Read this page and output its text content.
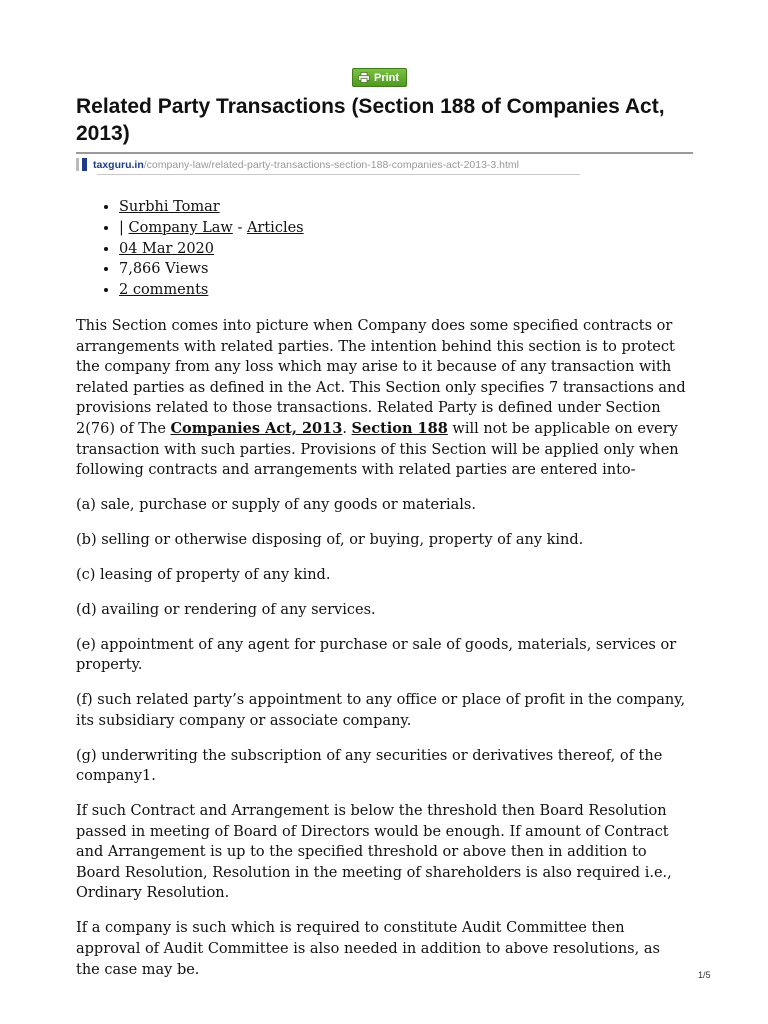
Print
Related Party Transactions (Section 188 of Companies Act, 2013)
taxguru.in/company-law/related-party-transactions-section-188-companies-act-2013-3.html
• Surbhi Tomar
• | Company Law - Articles
• 04 Mar 2020
• 7,866 Views
• 2 comments

This Section comes into picture when Company does some specified contracts or arrangements with related parties. The intention behind this section is to protect the company from any loss which may arise to it because of any transaction with related parties as defined in the Act. This Section only specifies 7 transactions and provisions related to those transactions. Related Party is defined under Section 2(76) of The Companies Act, 2013. Section 188 will not be applicable on every transaction with such parties. Provisions of this Section will be applied only when following contracts and arrangements with related parties are entered into-

(a) sale, purchase or supply of any goods or materials.

(b) selling or otherwise disposing of, or buying, property of any kind.

(c) leasing of property of any kind.

(d) availing or rendering of any services.

(e) appointment of any agent for purchase or sale of goods, materials, services or property.

(f) such related party’s appointment to any office or place of profit in the company, its subsidiary company or associate company.

(g) underwriting the subscription of any securities or derivatives thereof, of the company1.

If such Contract and Arrangement is below the threshold then Board Resolution passed in meeting of Board of Directors would be enough. If amount of Contract and Arrangement is up to the specified threshold or above then in addition to Board Resolution, Resolution in the meeting of shareholders is also required i.e., Ordinary Resolution.

If a company is such which is required to constitute Audit Committee then approval of Audit Committee is also needed in addition to above resolutions, as the case may be.	1/5
